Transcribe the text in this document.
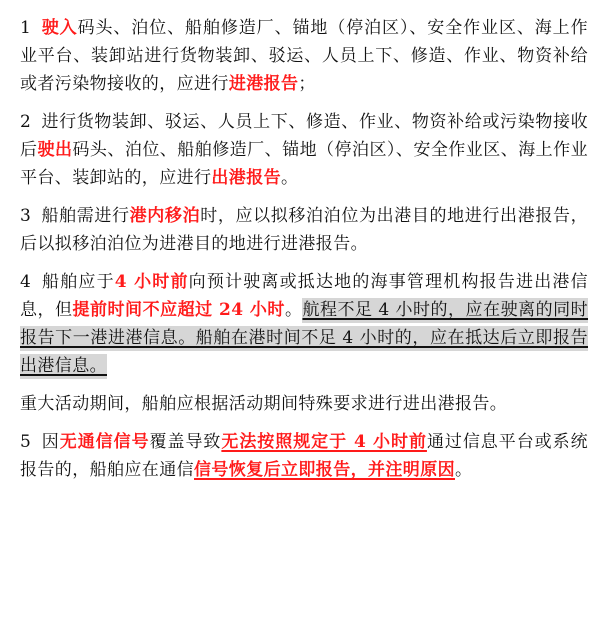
1 驶入码头、泊位、船舶修造厂、锚地（停泊区）、安全作业区、海上作业平台、装卸站进行货物装卸、驳运、人员上下、修造、作业、物资补给或者污染物接收的，应进行进港报告；

2 进行货物装卸、驳运、人员上下、修造、作业、物资补给或污染物接收后驶出码头、泊位、船舶修造厂、锚地（停泊区）、安全作业区、海上作业平台、装卸站的，应进行出港报告。

3 船舶需进行港内移泊时，应以拟移泊泊位为出港目的地进行出港报告，后以拟移泊泊位为进港目的地进行进港报告。

4 船舶应于4 小时前向预计驶离或抵达地的海事管理机构报告进出港信息，但提前时间不应超过 24 小时。航程不足 4 小时的，应在驶离的同时报告下一港进港信息。船舶在港时间不足 4 小时的，应在抵达后立即报告出港信息。

重大活动期间，船舶应根据活动期间特殊要求进行进出港报告。

5 因无通信信号覆盖导致无法按照规定于 4 小时前通过信息平台或系统报告的，船舶应在通信信号恢复后立即报告，并注明原因。
